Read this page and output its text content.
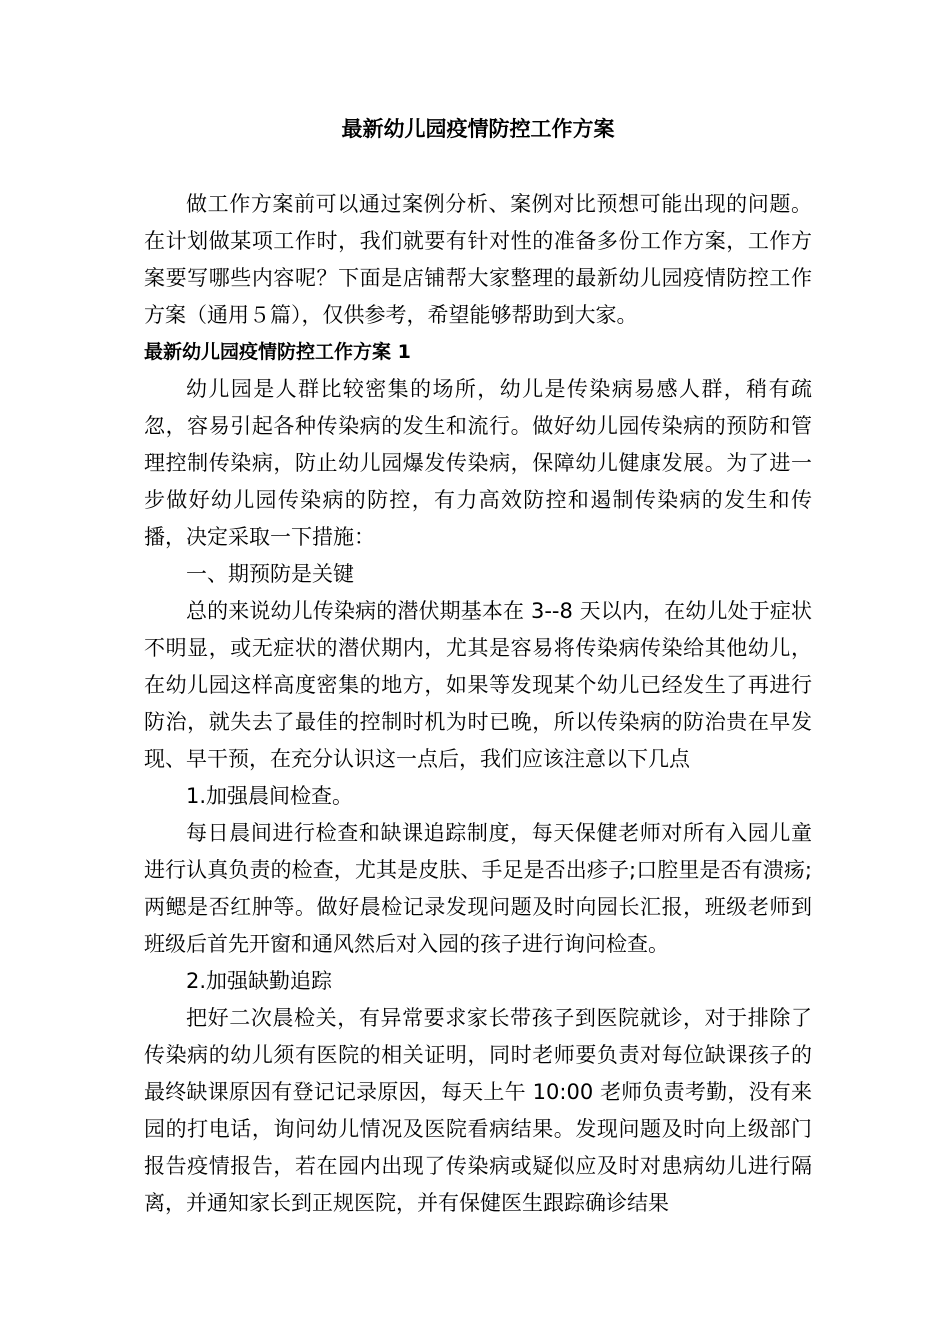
最新幼儿园疫情防控工作方案

做工作方案前可以通过案例分析、案例对比预想可能出现的问题。在计划做某项工作时，我们就要有针对性的准备多份工作方案，工作方案要写哪些内容呢？下面是店铺帮大家整理的最新幼儿园疫情防控工作方案（通用５篇），仅供参考，希望能够帮助到大家。

最新幼儿园疫情防控工作方案 1

幼儿园是人群比较密集的场所，幼儿是传染病易感人群，稍有疏忽，容易引起各种传染病的发生和流行。做好幼儿园传染病的预防和管理控制传染病，防止幼儿园爆发传染病，保障幼儿健康发展。为了进一步做好幼儿园传染病的防控，有力高效防控和遏制传染病的发生和传播，决定采取一下措施：

一、期预防是关键

总的来说幼儿传染病的潜伏期基本在 3--8 天以内，在幼儿处于症状不明显，或无症状的潜伏期内，尤其是容易将传染病传染给其他幼儿，在幼儿园这样高度密集的地方，如果等发现某个幼儿已经发生了再进行防治，就失去了最佳的控制时机为时已晚，所以传染病的防治贵在早发现、早干预，在充分认识这一点后，我们应该注意以下几点

1.加强晨间检查。

每日晨间进行检查和缺课追踪制度，每天保健老师对所有入园儿童进行认真负责的检查，尤其是皮肤、手足是否出疹子;口腔里是否有溃疡;两鳃是否红肿等。做好晨检记录发现问题及时向园长汇报，班级老师到班级后首先开窗和通风然后对入园的孩子进行询问检查。

2.加强缺勤追踪

把好二次晨检关，有异常要求家长带孩子到医院就诊，对于排除了传染病的幼儿须有医院的相关证明，同时老师要负责对每位缺课孩子的最终缺课原因有登记记录原因，每天上午 10:00 老师负责考勤，没有来园的打电话，询问幼儿情况及医院看病结果。发现问题及时向上级部门报告疫情报告，若在园内出现了传染病或疑似应及时对患病幼儿进行隔离，并通知家长到正规医院，并有保健医生跟踪确诊结果
